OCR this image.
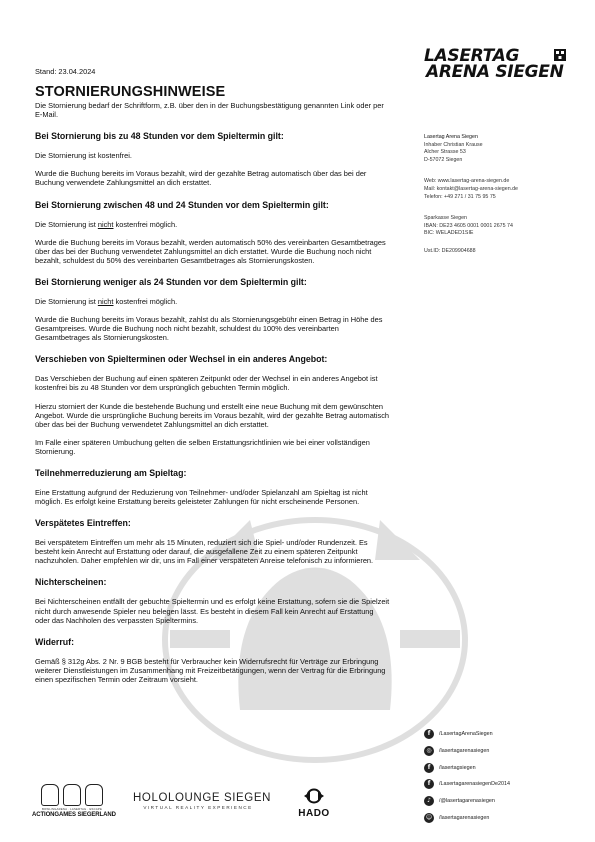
LASERTAG
ARENA SIEGEN
Stand: 23.04.2024
STORNIERUNGSHINWEISE

Die Stornierung bedarf der Schriftform, z.B. über den in der Buchungsbestätigung genannten Link oder per E-Mail.

Bei Stornierung bis zu 48 Stunden vor dem Spieltermin gilt:

Die Stornierung ist kostenfrei.

Wurde die Buchung bereits im Voraus bezahlt, wird der gezahlte Betrag automatisch über das bei der Buchung verwendete Zahlungsmittel an dich erstattet.

Bei Stornierung zwischen 48 und 24 Stunden vor dem Spieltermin gilt:

Die Stornierung ist nicht kostenfrei möglich.

Wurde die Buchung bereits im Voraus bezahlt, werden automatisch 50% des vereinbarten Gesamtbetrages über das bei der Buchung verwendetet Zahlungsmittel an dich erstattet. Wurde die Buchung noch nicht bezahlt, schuldest du 50% des vereinbarten Gesamtbetrages als Stornierungskosten.

Bei Stornierung weniger als 24 Stunden vor dem Spieltermin gilt:

Die Stornierung ist nicht kostenfrei möglich.

Wurde die Buchung bereits im Voraus bezahlt, zahlst du als Stornierungsgebühr einen Betrag in Höhe des Gesamtpreises. Wurde die Buchung noch nicht bezahlt, schuldest du 100% des vereinbarten Gesamtbetrages als Stornierungskosten.

Verschieben von Spielterminen oder Wechsel in ein anderes Angebot:

Das Verschieben der Buchung auf einen späteren Zeitpunkt oder der Wechsel in ein anderes Angebot ist kostenfrei bis zu 48 Stunden vor dem ursprünglich gebuchten Termin möglich.

Hierzu storniert der Kunde die bestehende Buchung und erstellt eine neue Buchung mit dem gewünschten Angebot. Wurde die ursprüngliche Buchung bereits im Voraus bezahlt, wird der gezahlte Betrag automatisch über das bei der Buchung verwendetet Zahlungsmittel an dich erstattet.

Im Falle einer späteren Umbuchung gelten die selben Erstattungsrichtlinien wie bei einer vollständigen Stornierung.

Teilnehmerreduzierung am Spieltag:

Eine Erstattung aufgrund der Reduzierung von Teilnehmer- und/oder Spielanzahl am Spieltag ist nicht möglich. Es erfolgt keine Erstattung bereits geleisteter Zahlungen für nicht erscheinende Personen.

Verspätetes Eintreffen:

Bei verspätetem Eintreffen um mehr als 15 Minuten, reduziert sich die Spiel- und/oder Rundenzeit. Es besteht kein Anrecht auf Erstattung oder darauf, die ausgefallene Zeit zu einem späteren Zeitpunkt nachzuholen. Daher empfehlen wir dir, uns im Fall einer verspäteten Anreise telefonisch zu informieren.

Nichterscheinen:

Bei Nichterscheinen entfällt der gebuchte Spieltermin und es erfolgt keine Erstattung, sofern sie die Spielzeit nicht durch anwesende Spieler neu belegen lässt. Es besteht in diesem Fall kein Anrecht auf Erstattung oder das Nachholen des verpassten Spieltermins.

Widerruf:

Gemäß § 312g Abs. 2 Nr. 9 BGB besteht für Verbraucher kein Widerrufsrecht für Verträge zur Erbringung weiterer Dienstleistungen im Zusammenhang mit Freizeitbetätigungen, wenn der Vertrag für die Erbringung einen spezifischen Termin oder Zeitraum vorsieht.

Lasertag Arena Siegen
Inhaber Christian Krause
Alcher Strasse 53
D-57072 Siegen
Web: www.lasertag-arena-siegen.de
Mail: kontakt@lasertag-arena-siegen.de
Telefon: +49 271 / 31 75 95 75
Sparkasse Siegen
IBAN: DE23 4605 0001 0001 2675 74
BIC: WELADED1SIE
Ust.ID: DE209904688
f	/LasertagArenaSiegen
◎	/lasertagarenasiegen
f	/lasertagsiegen
f	/LasertagarenasiegenDe2014
♪	/@lasertagarenasiegen
☺	/lasertagarenasiegen
BOWLINGARENA · LASERTAG · ESCAPE
ACTIONGAMES SIEGERLAND
HOLOLOUNGE SIEGEN
VIRTUAL REALITY EXPERIENCE
HADO
